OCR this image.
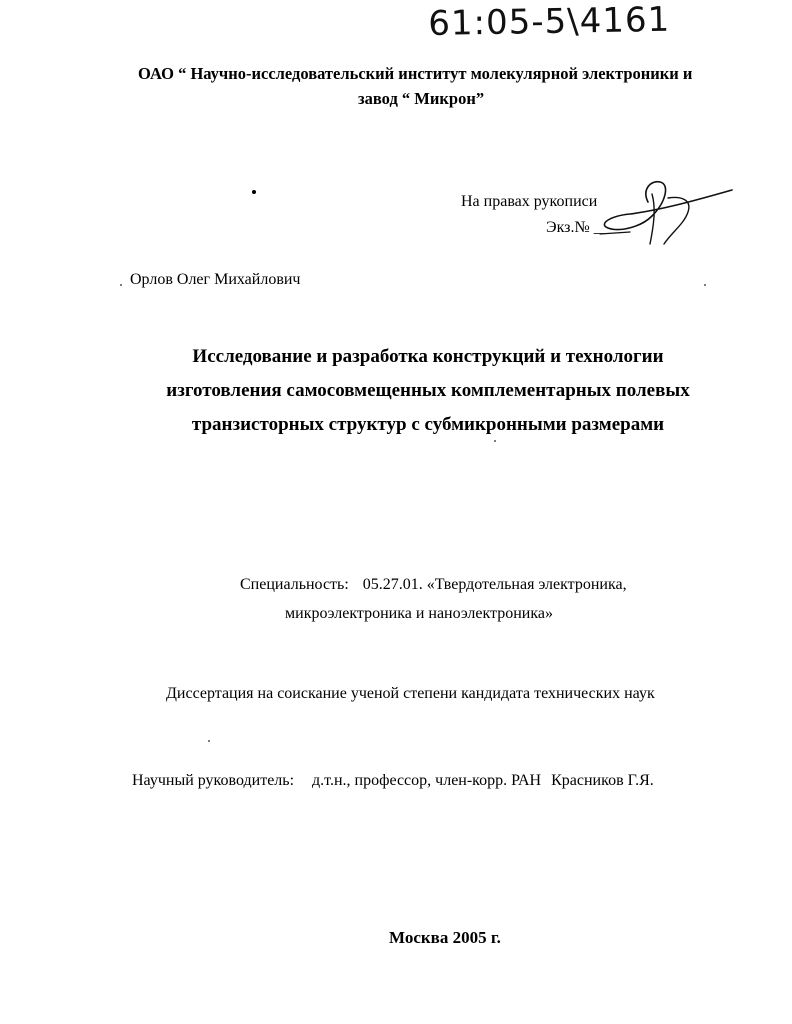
61:05-5\4161
ОАО “ Научно-исследовательский институт молекулярной электроники и
завод “ Микрон”
На правах рукописи
Экз.№ __
Орлов Олег Михайлович
Исследование и разработка конструкций и технологии
изготовления самосовмещенных комплементарных полевых
транзисторных структур с субмикронными размерами
Специальность: 05.27.01. «Твердотельная электроника,
микроэлектроника и наноэлектроника»
Диссертация на соискание ученой степени кандидата технических наук
Научный руководитель: д.т.н., профессор, член-корр. РАН Красников Г.Я.
Москва 2005 г.
